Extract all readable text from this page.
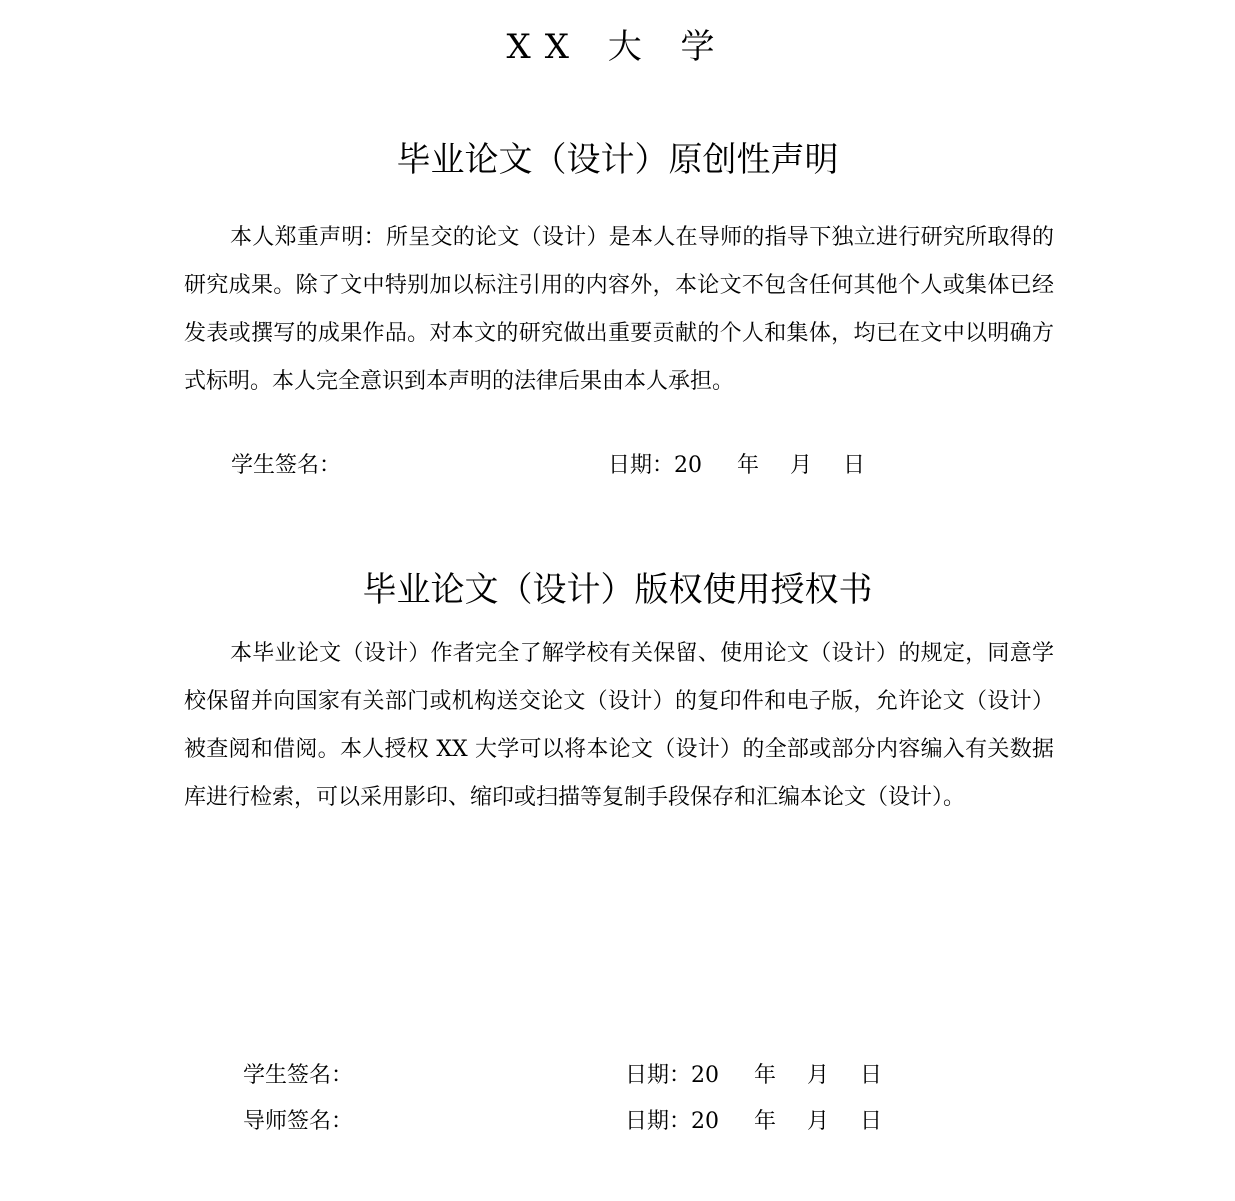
XX 大 学
毕业论文（设计）原创性声明

本人郑重声明：所呈交的论文（设计）是本人在导师的指导下独立进行研究所取得的研究成果。除了文中特别加以标注引用的内容外，本论文不包含任何其他个人或集体已经发表或撰写的成果作品。对本文的研究做出重要贡献的个人和集体，均已在文中以明确方式标明。本人完全意识到本声明的法律后果由本人承担。

学生签名：	日期：20 年 月 日
毕业论文（设计）版权使用授权书

本毕业论文（设计）作者完全了解学校有关保留、使用论文（设计）的规定，同意学校保留并向国家有关部门或机构送交论文（设计）的复印件和电子版，允许论文（设计）被查阅和借阅。本人授权 XX 大学可以将本论文（设计）的全部或部分内容编入有关数据库进行检索，可以采用影印、缩印或扫描等复制手段保存和汇编本论文（设计）。

学生签名：	日期：20 年 月 日
导师签名：	日期：20 年 月 日
